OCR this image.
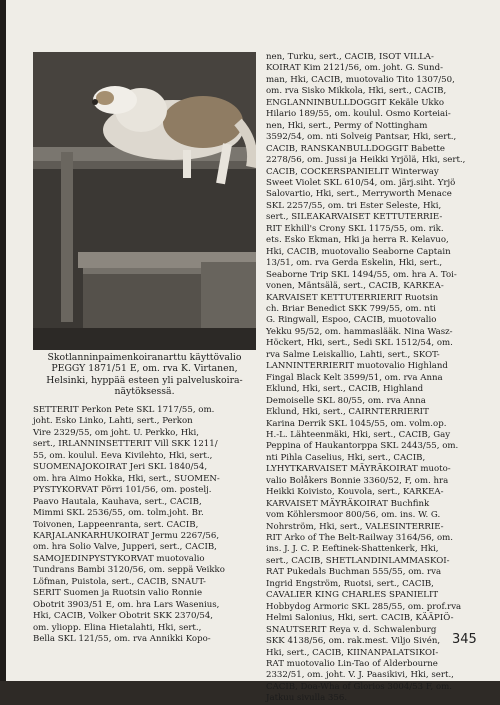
Skotlanninpaimenkoiranarttu käyttövalio
PEGGY 1871/51 E, om. rva K. Virtanen,
Helsinki, hyppää esteen yli palveluskoira-
näytöksessä.

SETTERIT Perkon Pete SKL 1717/55, om.

joht. Esko Linko, Lahti, sert., Perkon

Vire 2329/55, om joht. U. Perkko, Hki,

sert., IRLANNINSETTERIT Vill SKK 1211/

55, om. koulul. Eeva Kivilehto, Hki, sert.,

SUOMENAJOKOIRAT Jeri SKL 1840/54,

om. hra Aimo Hokka, Hki, sert., SUOMEN-

PYSTYKORVAT Pörri 101/56, om. postelj.

Paavo Hautala, Kauhava, sert., CACIB,

Mimmi SKL 2536/55, om. tolm.joht. Br.

Toivonen, Lappeenranta, sert. CACIB,

KARJALANKARHUKOIRAT Jermu 2267/56,

om. hra Solio Valve, Jupperi, sert., CACIB,

SAMOJEDINPYSTYKORVAT muotovalio

Tundrans Bambi 3120/56, om. seppä Veikko

Löfman, Puistola, sert., CACIB, SNAUT-

SERIT Suomen ja Ruotsin valio Ronnie

Obotrit 3903/51 E, om. hra Lars Wasenius,

Hki, CACIB, Volker Obotrit SKK 2370/54,

om. yliopp. Elina Hietalahti, Hki, sert.,

Bella SKL 121/55, om. rva Annikki Kopo-

nen, Turku, sert., CACIB, ISOT VILLA-

KOIRAT Kim 2121/56, om. joht. G. Sund-

man, Hki, CACIB, muotovalio Tito 1307/50,

om. rva Sisko Mikkola, Hki, sert., CACIB,

ENGLANNINBULLDOGGIT Kekäle Ukko

Hilario 189/55, om. koulul. Osmo Korteiai-

nen, Hki, sert., Permy of Nottingham

3592/54, om. nti Solveig Pantsar, Hki, sert.,

CACIB, RANSKANBULLDOGGIT Babette

2278/56, om. Jussi ja Heikki Yrjölä, Hki, sert.,

CACIB, COCKERSPANIELIT Winterway

Sweet Violet SKL 610/54, om. järj.siht. Yrjö

Salovartio, Hki, sert., Merryworth Menace

SKL 2257/55, om. tri Ester Seleste, Hki,

sert., SILEAKARVAISET KETTUTERRIE-

RIT Ekhill's Crony SKL 1175/55, om. rik.

ets. Esko Ekman, Hki ja herra R. Kelavuo,

Hki, CACIB, muotovalio Seaborne Captain

13/51, om. rva Gerda Eskelin, Hki, sert.,

Seaborne Trip SKL 1494/55, om. hra A. Toi-

vonen, Mäntsälä, sert., CACIB, KARKEA-

KARVAISET KETTUTERRIERIT Ruotsin

ch. Briar Benedict SKK 799/55, om. nti

G. Ringwall, Espoo, CACIB, muotovalio

Yekku 95/52, om. hammaslääk. Nina Wasz-

Höckert, Hki, sert., Sedi SKL 1512/54, om.

rva Salme Leiskallio, Lahti, sert., SKOT-

LANNINTERRIERIT muotovalio Highland

Fingal Black Kelt 3599/51, om. rva Anna

Eklund, Hki, sert., CACIB, Highland

Demoiselle SKL 80/55, om. rva Anna

Eklund, Hki, sert., CAIRNTERRIERIT

Karina Derrik SKL 1045/55, om. volm.op.

H.-L. Lähteenmäki, Hki, sert., CACIB, Gay

Peppina of Haukantorppa SKL 2443/55, om.

nti Pihla Caselius, Hki, sert., CACIB,

LYHYTKARVAISET MÄYRÄKOIRAT muoto-

valio Bolåkers Bonnie 3360/52, F, om. hra

Heikki Koivisto, Kouvola, sert., KARKEA-

KARVAISET MÄYRÄKOIRAT Buchfink

vom Köhlersmoor 800/56, om. ins. W. G.

Nohrström, Hki, sert., VALESINTERRIE-

RIT Arko of The Belt-Railway 3164/56, om.

ins. J. J. C. P. Eeftinek-Shattenkerk, Hki,

sert., CACIB, SHETLANDINLAMMASKOI-

RAT Pukedals Buchman 555/55, om. rva

Ingrid Engström, Ruotsi, sert., CACIB,

CAVALIER KING CHARLES SPANIELIT

Hobbydog Armoric SKL 285/55, om. prof.rva

Helmi Salonius, Hki, sert. CACIB, KÄÄPIÖ-

SNAUTSERIT Reya v. d. Schwalenburg

SKK 4138/56, om. rak.mest. Viljo Sivén,

Hki, sert., CACIB, KIINANPALATSIKOI-

RAT muotovalio Lin-Tao of Alderbourne

2332/51, om. joht. V. J. Paasikivi, Hki, sert.,

CACIB, Doa-Wha of Glorios 3004/53 F, om.

Jatkuu sivulla 356.

345
